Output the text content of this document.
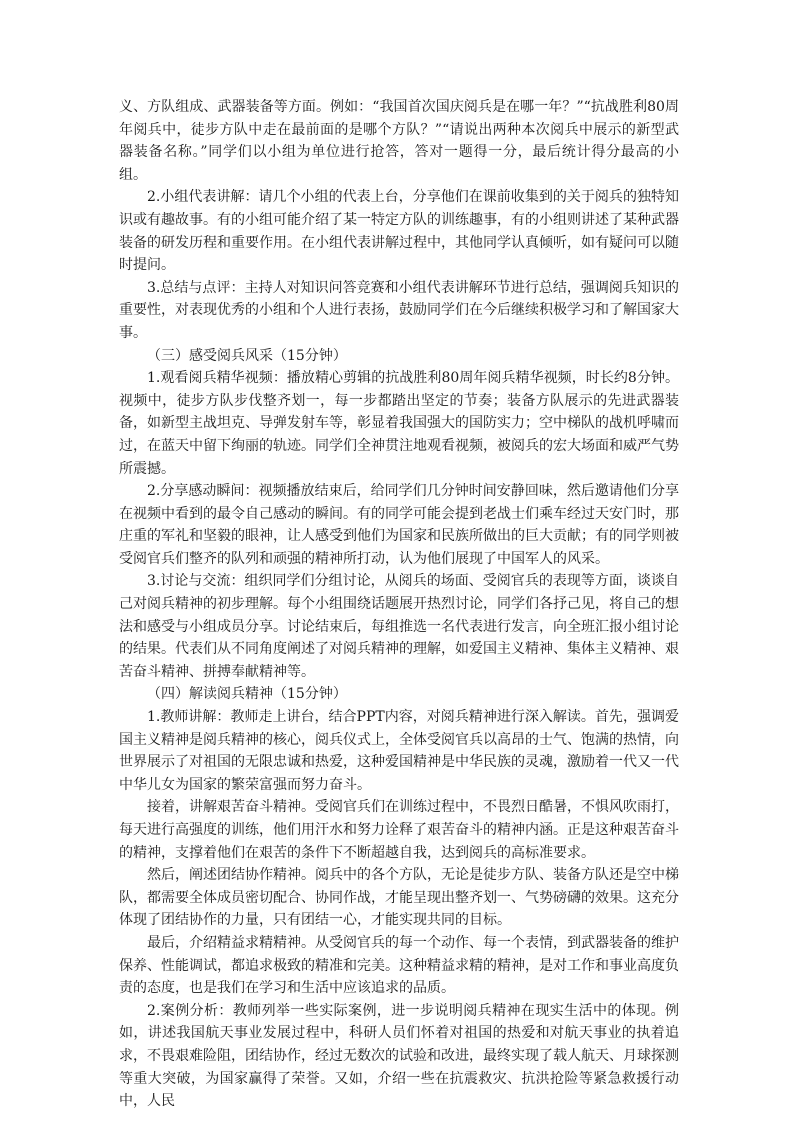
义、方队组成、武器装备等方面。例如：“我国首次国庆阅兵是在哪一年？”“抗战胜利80周年阅兵中，徒步方队中走在最前面的是哪个方队？”“请说出两种本次阅兵中展示的新型武器装备名称。”同学们以小组为单位进行抢答，答对一题得一分，最后统计得分最高的小组。

2.小组代表讲解：请几个小组的代表上台，分享他们在课前收集到的关于阅兵的独特知识或有趣故事。有的小组可能介绍了某一特定方队的训练趣事，有的小组则讲述了某种武器装备的研发历程和重要作用。在小组代表讲解过程中，其他同学认真倾听，如有疑问可以随时提问。

3.总结与点评：主持人对知识问答竞赛和小组代表讲解环节进行总结，强调阅兵知识的重要性，对表现优秀的小组和个人进行表扬，鼓励同学们在今后继续积极学习和了解国家大事。

（三）感受阅兵风采（15分钟）

1.观看阅兵精华视频：播放精心剪辑的抗战胜利80周年阅兵精华视频，时长约8分钟。视频中，徒步方队步伐整齐划一，每一步都踏出坚定的节奏；装备方队展示的先进武器装备，如新型主战坦克、导弹发射车等，彰显着我国强大的国防实力；空中梯队的战机呼啸而过，在蓝天中留下绚丽的轨迹。同学们全神贯注地观看视频，被阅兵的宏大场面和威严气势所震撼。

2.分享感动瞬间：视频播放结束后，给同学们几分钟时间安静回味，然后邀请他们分享在视频中看到的最令自己感动的瞬间。有的同学可能会提到老战士们乘车经过天安门时，那庄重的军礼和坚毅的眼神，让人感受到他们为国家和民族所做出的巨大贡献；有的同学则被受阅官兵们整齐的队列和顽强的精神所打动，认为他们展现了中国军人的风采。

3.讨论与交流：组织同学们分组讨论，从阅兵的场面、受阅官兵的表现等方面，谈谈自己对阅兵精神的初步理解。每个小组围绕话题展开热烈讨论，同学们各抒己见，将自己的想法和感受与小组成员分享。讨论结束后，每组推选一名代表进行发言，向全班汇报小组讨论的结果。代表们从不同角度阐述了对阅兵精神的理解，如爱国主义精神、集体主义精神、艰苦奋斗精神、拼搏奉献精神等。

（四）解读阅兵精神（15分钟）

1.教师讲解：教师走上讲台，结合PPT内容，对阅兵精神进行深入解读。首先，强调爱国主义精神是阅兵精神的核心，阅兵仪式上，全体受阅官兵以高昂的士气、饱满的热情，向世界展示了对祖国的无限忠诚和热爱，这种爱国精神是中华民族的灵魂，激励着一代又一代中华儿女为国家的繁荣富强而努力奋斗。

接着，讲解艰苦奋斗精神。受阅官兵们在训练过程中，不畏烈日酷暑，不惧风吹雨打，每天进行高强度的训练，他们用汗水和努力诠释了艰苦奋斗的精神内涵。正是这种艰苦奋斗的精神，支撑着他们在艰苦的条件下不断超越自我，达到阅兵的高标准要求。

然后，阐述团结协作精神。阅兵中的各个方队，无论是徒步方队、装备方队还是空中梯队，都需要全体成员密切配合、协同作战，才能呈现出整齐划一、气势磅礴的效果。这充分体现了团结协作的力量，只有团结一心，才能实现共同的目标。

最后，介绍精益求精精神。从受阅官兵的每一个动作、每一个表情，到武器装备的维护保养、性能调试，都追求极致的精准和完美。这种精益求精的精神，是对工作和事业高度负责的态度，也是我们在学习和生活中应该追求的品质。

2.案例分析：教师列举一些实际案例，进一步说明阅兵精神在现实生活中的体现。例如，讲述我国航天事业发展过程中，科研人员们怀着对祖国的热爱和对航天事业的执着追求，不畏艰难险阻，团结协作，经过无数次的试验和改进，最终实现了载人航天、月球探测等重大突破，为国家赢得了荣誉。又如，介绍一些在抗震救灾、抗洪抢险等紧急救援行动中，人民
